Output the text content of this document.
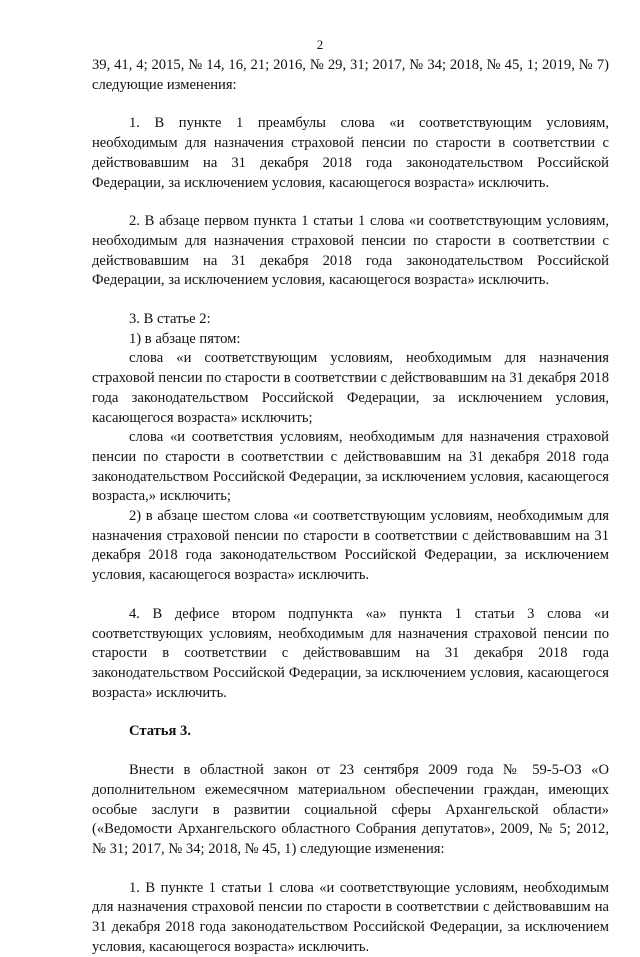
2

39, 41, 4; 2015, № 14, 16, 21; 2016, № 29, 31; 2017, № 34; 2018, № 45, 1; 2019, № 7) следующие изменения:

1. В пункте 1 преамбулы слова «и соответствующим условиям, необходимым для назначения страховой пенсии по старости в соответствии с действовавшим на 31 декабря 2018 года законодательством Российской Федерации, за исключением условия, касающегося возраста» исключить.

2. В абзаце первом пункта 1 статьи 1 слова «и соответствующим условиям, необходимым для назначения страховой пенсии по старости в соответствии с действовавшим на 31 декабря 2018 года законодательством Российской Федерации, за исключением условия, касающегося возраста» исключить.

3. В статье 2:

1) в абзаце пятом:

слова «и соответствующим условиям, необходимым для назначения страховой пенсии по старости в соответствии с действовавшим на 31 декабря 2018 года законодательством Российской Федерации, за исключением условия, касающегося возраста» исключить;

слова «и соответствия условиям, необходимым для назначения страховой пенсии по старости в соответствии с действовавшим на 31 декабря 2018 года законодательством Российской Федерации, за исключением условия, касающегося возраста,» исключить;

2) в абзаце шестом слова «и соответствующим условиям, необходимым для назначения страховой пенсии по старости в соответствии с действовавшим на 31 декабря 2018 года законодательством Российской Федерации, за исключением условия, касающегося возраста» исключить.

4. В дефисе втором подпункта «а» пункта 1 статьи 3 слова «и соответствующих условиям, необходимым для назначения страховой пенсии по старости в соответствии с действовавшим на 31 декабря 2018 года законодательством Российской Федерации, за исключением условия, касающегося возраста» исключить.

Статья 3.

Внести в областной закон от 23 сентября 2009 года № 59-5-ОЗ «О дополнительном ежемесячном материальном обеспечении граждан, имеющих особые заслуги в развитии социальной сферы Архангельской области» («Ведомости Архангельского областного Собрания депутатов», 2009, № 5; 2012, № 31; 2017, № 34; 2018, № 45, 1) следующие изменения:

1. В пункте 1 статьи 1 слова «и соответствующие условиям, необходимым для назначения страховой пенсии по старости в соответствии с действовавшим на 31 декабря 2018 года законодательством Российской Федерации, за исключением условия, касающегося возраста» исключить.
